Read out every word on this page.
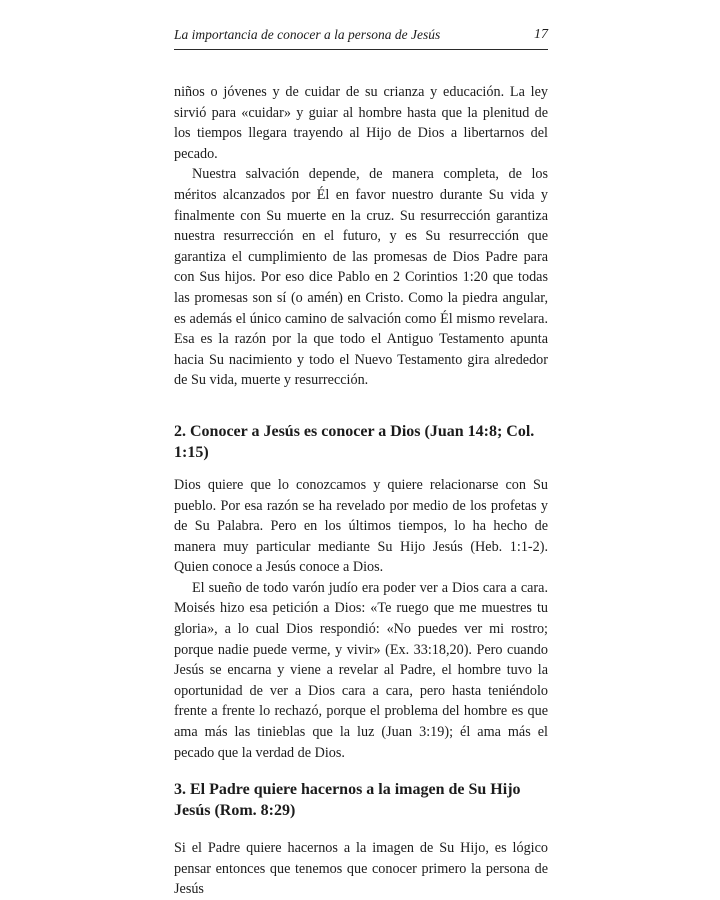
La importancia de conocer a la persona de Jesús	17

niños o jóvenes y de cuidar de su crianza y educación. La ley sirvió para «cuidar» y guiar al hombre hasta que la plenitud de los tiempos llegara trayendo al Hijo de Dios a libertarnos del pecado.

Nuestra salvación depende, de manera completa, de los méritos alcanzados por Él en favor nuestro durante Su vida y finalmente con Su muerte en la cruz. Su resurrección garantiza nuestra resurrección en el futuro, y es Su resurrección que garantiza el cumplimiento de las promesas de Dios Padre para con Sus hijos. Por eso dice Pablo en 2 Corintios 1:20 que todas las promesas son sí (o amén) en Cristo. Como la piedra angular, es además el único camino de salvación como Él mismo revelara. Esa es la razón por la que todo el Antiguo Testamento apunta hacia Su nacimiento y todo el Nuevo Testamento gira alrededor de Su vida, muerte y resurrección.

2. Conocer a Jesús es conocer a Dios (Juan 14:8; Col. 1:15)

Dios quiere que lo conozcamos y quiere relacionarse con Su pueblo. Por esa razón se ha revelado por medio de los profetas y de Su Palabra. Pero en los últimos tiempos, lo ha hecho de manera muy particular mediante Su Hijo Jesús (Heb. 1:1-2). Quien conoce a Jesús conoce a Dios.

El sueño de todo varón judío era poder ver a Dios cara a cara. Moisés hizo esa petición a Dios: «Te ruego que me muestres tu gloria», a lo cual Dios respondió: «No puedes ver mi rostro; porque nadie puede verme, y vivir» (Ex. 33:18,20). Pero cuando Jesús se encarna y viene a revelar al Padre, el hombre tuvo la oportunidad de ver a Dios cara a cara, pero hasta teniéndolo frente a frente lo rechazó, porque el problema del hombre es que ama más las tinieblas que la luz (Juan 3:19); él ama más el pecado que la verdad de Dios.

3. El Padre quiere hacernos a la imagen de Su Hijo Jesús (Rom. 8:29)

Si el Padre quiere hacernos a la imagen de Su Hijo, es lógico pensar entonces que tenemos que conocer primero la persona de Jesús
